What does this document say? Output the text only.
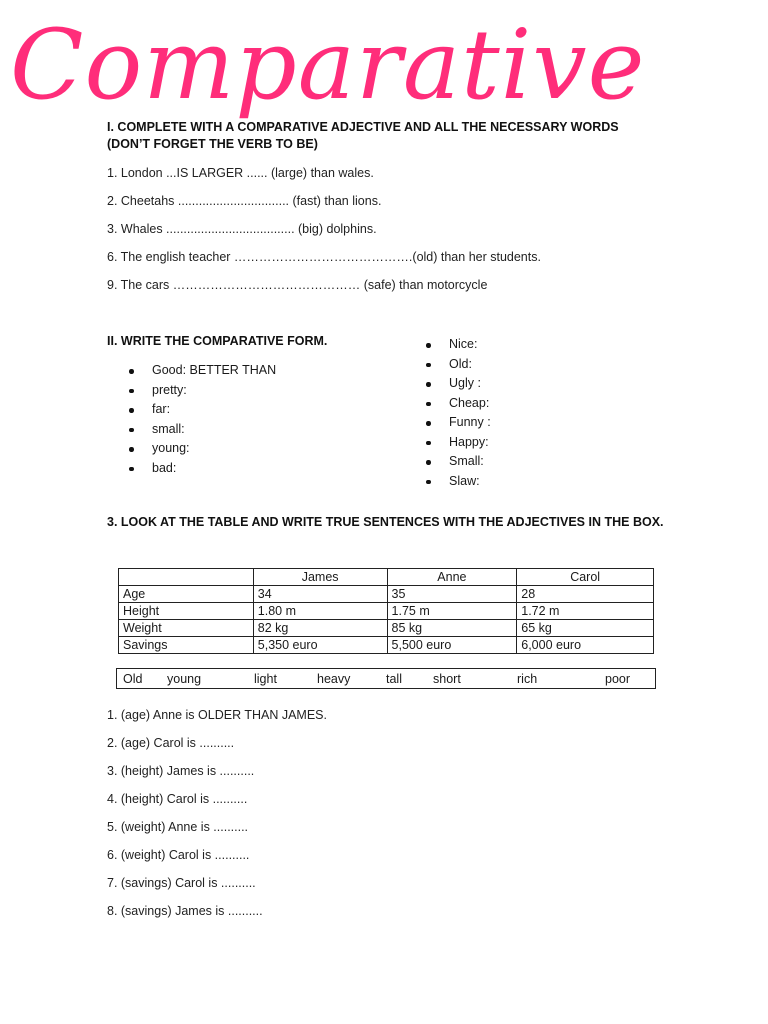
Comparative
I. COMPLETE WITH A COMPARATIVE ADJECTIVE AND ALL THE NECESSARY WORDS (DON’T FORGET THE VERB TO BE)
1. London ...IS LARGER ...... (large) than wales.
2. Cheetahs ................................ (fast) than lions.
3. Whales ..................................... (big) dolphins.
6. The english teacher …………………………………….(old) than her students.
9. The cars ……………………………………… (safe) than motorcycle
II. WRITE THE COMPARATIVE FORM.
Good: BETTER THAN
pretty:
far:
small:
young:
bad:
Nice:
Old:
Ugly :
Cheap:
Funny :
Happy:
Small:
Slaw:
3. LOOK AT THE TABLE AND WRITE TRUE SENTENCES WITH THE ADJECTIVES IN THE BOX.
	James	Anne	Carol
Age	34	35	28
Height	1.80 m	1.75 m	1.72 m
Weight	82 kg	85 kg	65 kg
Savings	5,350 euro	5,500 euro	6,000 euro
Old young	light	heavy	tall short	rich	poor
1. (age) Anne is OLDER THAN JAMES.
2. (age) Carol is ..........
3. (height) James is ..........
4. (height) Carol is ..........
5. (weight) Anne is ..........
6. (weight) Carol is ..........
7. (savings) Carol is ..........
8. (savings) James is ..........
